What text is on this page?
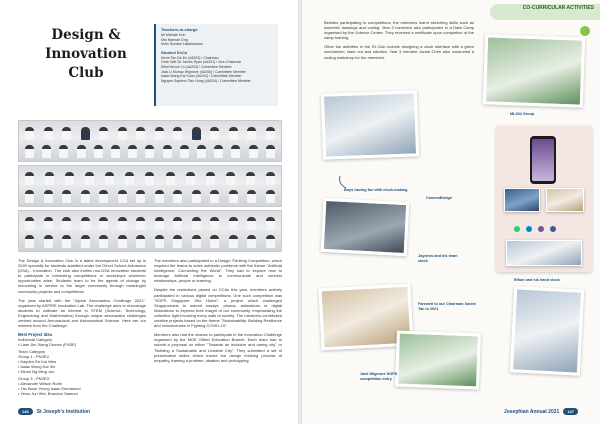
Design & Innovation Club
Teachers-in-charge
Mr Michael Koh
Mrs Hannah Ong
Mdm Sundari Lakshmanan
Student ExCo
Kevin Tan De En (4A202) / Chairman
Chen Wei Ze James Ryan (4A201) / Vice-Chairman
Elliot Nexon Yu (4A203) / Committee Member
Jack Li Murray Wigmore (4A206) / Committee Member
Isaac Wong Kai Xuan (4A202) / Committee Member
Nguyen Sapiens Tieu Hung (4A204) / Committee Member

The Design & Innovation Club is a talent development CCA set up in 2020 specially for students admitted under the Direct School Admission (DSA) - Innovation. The club also invites non-DSA Innovation students to participate in interesting competitions or workshops whenever opportunities arise. Students learn to be the agents of change by innovating in service to the larger community through meaningful community projects and competitions.

The year started with the "Alpine Aeronautics Challenge 2021", organised by ASPIRE Incubation Lab. The challenge aims to encourage students to cultivate an interest in STEM (Science, Technology, Engineering and Mathematics) through unique aeronautics challenges centred around Aeronautical and Astronautical Science. Here are our winners from the Challenge:

Best Project Idea
Individual Category
• Liam Jim Xiang Duman (PN3E)
Team Category
Group 1 - PN2EV
• Kayden Ee Kai Wen
• Isaac Wong Kai Xin
• Ethan Ng Ming Jun
Group 3 - PN2EG
• Alexander Wilson Robb
• Tan Boon Yeong Isaac Emmanuel
• Yeow Jun Wei, Brandon Samuel

The members also participated in a Design Thinking Competition, which required the teams to solve authentic problems with the theme "Artificial Intelligence: Connecting the World". They had to explore how to leverage Artificial Intelligence to communicate and connect relationships, people or learning.

Despite the restrictions placed on CCAs this year, members actively participated in various digital competitions. One such competition was "SGPS Singapore Olio Home", a project which challenged Singaporeans to submit essays, photos, animations or digital illustrations to express their insight of our community, emphasising the collective fight involving every walk of society. The members contributed creative projects based on the theme "Sustainability: Building Resilience and Inclusiveness in Fighting COVID-19".

Members also had the chance to participate in the Innovation Challenge organised by the MOE Gifted Education Branch. Each team had to submit a proposal on either "Towards an inclusive and caring city" or "Building a Sustainable and Liveable City". They submitted a set of presentation slides which traced the design thinking process of empathy, framing a problem, ideation and prototyping.

146	St Joseph's Institution
CO-CURRICULAR ACTIVITIES

Besides participating in competitions, the members learnt sketching skills such as isometric drawings and coding. Year 3 members also participated in a Data Camp organised by the Science Centre. They received a certificate upon completion of the camp training.

Other fun activities in the DI Club include designing a clock interface with a given mechanism, laser cut and robotics. Year 3 member Jamal Chen also conducted a coding workshop for the members.

ML302 Group
Boys having fun with clock-making
CommsBridge
Jaydens and his team clock
Farewell to our Chairman Xavier Tan in 2021
Jack Wigmore SGPS competition entry
Ethan and his hand clock
Josephian Annual 2021	147
